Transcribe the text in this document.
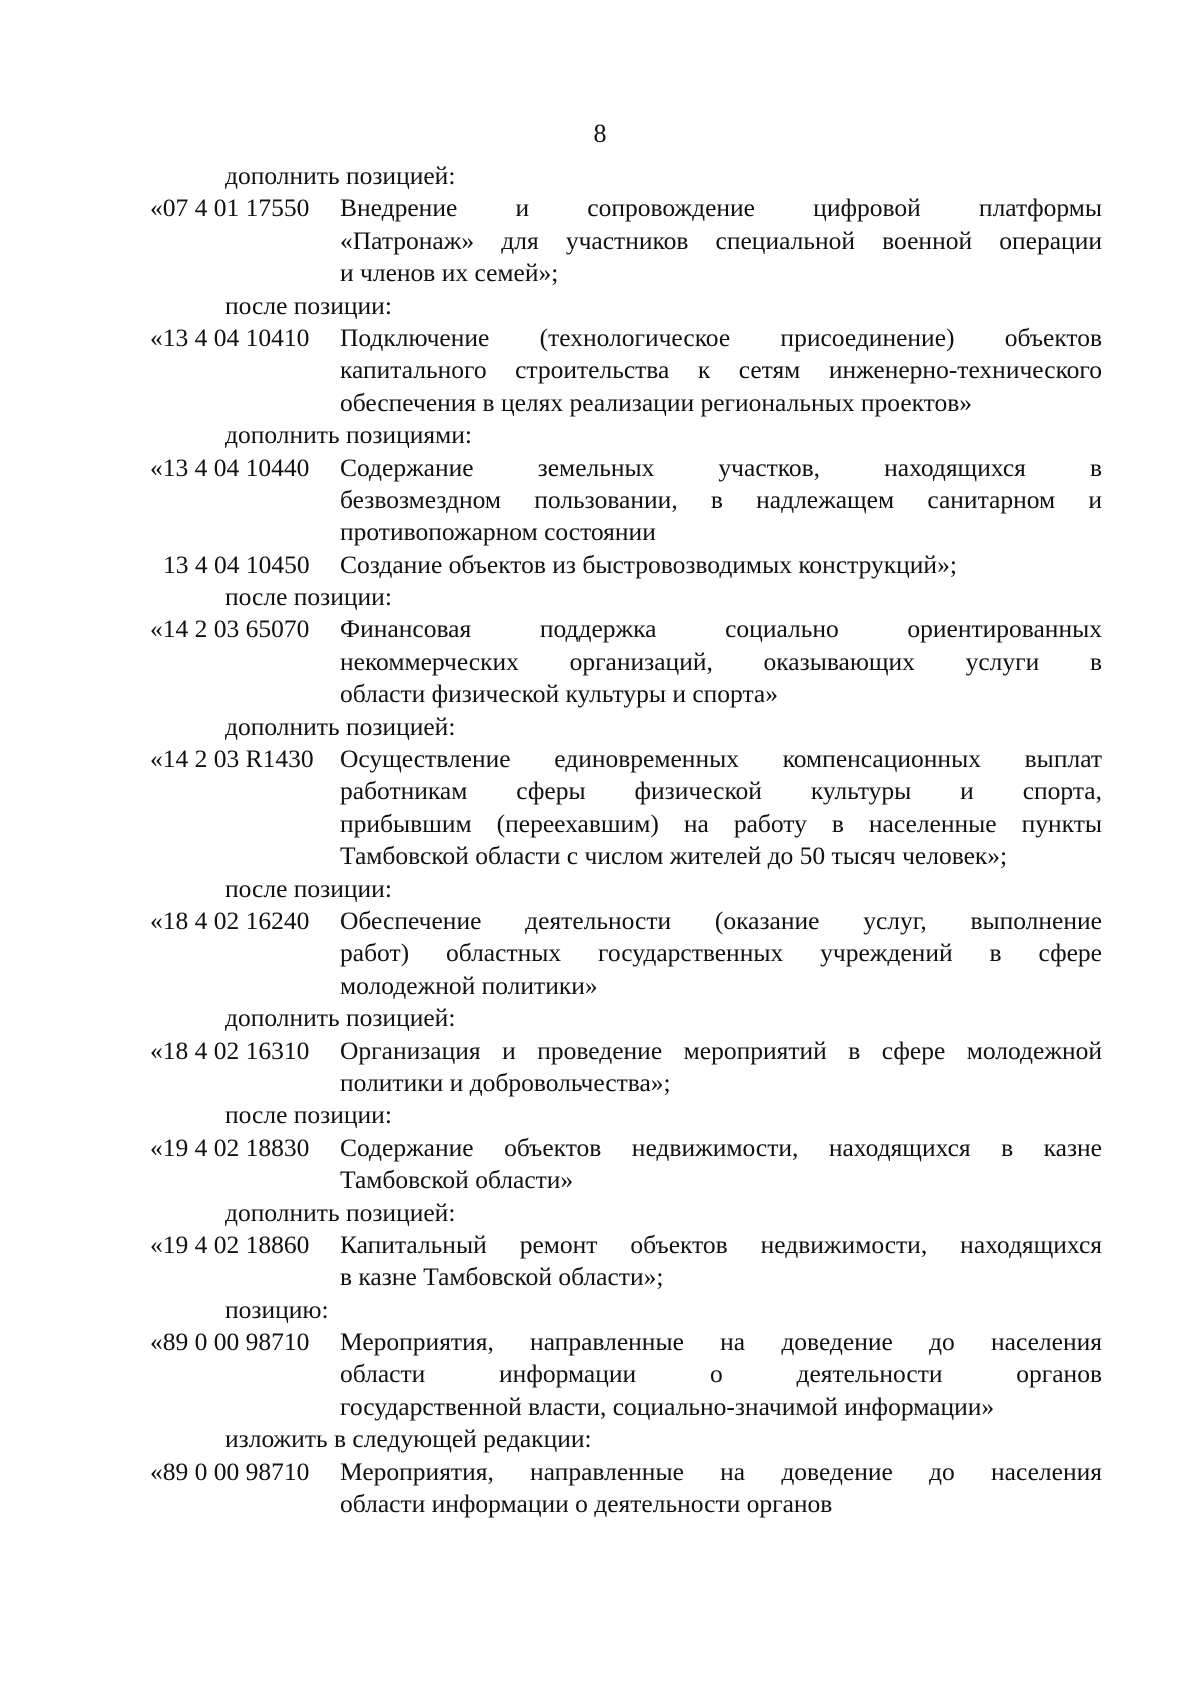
8
дополнить позицией:
«07 4 01 17550	Внедрение и сопровождение цифровой платформы
«Патронаж» для участников специальной военной операции
и членов их семей»;
после позиции:
«13 4 04 10410	Подключение (технологическое присоединение) объектов
капитального строительства к сетям инженерно-технического
обеспечения в целях реализации региональных проектов»
дополнить позициями:
«13 4 04 10440	Содержание земельных участков, находящихся в
безвозмездном пользовании, в надлежащем санитарном и
противопожарном состоянии
13 4 04 10450	Создание объектов из быстровозводимых конструкций»;
после позиции:
«14 2 03 65070	Финансовая поддержка социально ориентированных
некоммерческих организаций, оказывающих услуги в
области физической культуры и спорта»
дополнить позицией:
«14 2 03 R1430	Осуществление единовременных компенсационных выплат
работникам сферы физической культуры и спорта,
прибывшим (переехавшим) на работу в населенные пункты
Тамбовской области с числом жителей до 50 тысяч человек»;
после позиции:
«18 4 02 16240	Обеспечение деятельности (оказание услуг, выполнение
работ) областных государственных учреждений в сфере
молодежной политики»
дополнить позицией:
«18 4 02 16310	Организация и проведение мероприятий в сфере молодежной
политики и добровольчества»;
после позиции:
«19 4 02 18830	Содержание объектов недвижимости, находящихся в казне
Тамбовской области»
дополнить позицией:
«19 4 02 18860	Капитальный ремонт объектов недвижимости, находящихся
в казне Тамбовской области»;
позицию:
«89 0 00 98710	Мероприятия, направленные на доведение до населения
области информации о деятельности органов
государственной власти, социально-значимой информации»
изложить в следующей редакции:
«89 0 00 98710	Мероприятия, направленные на доведение до населения
области информации о деятельности органов
